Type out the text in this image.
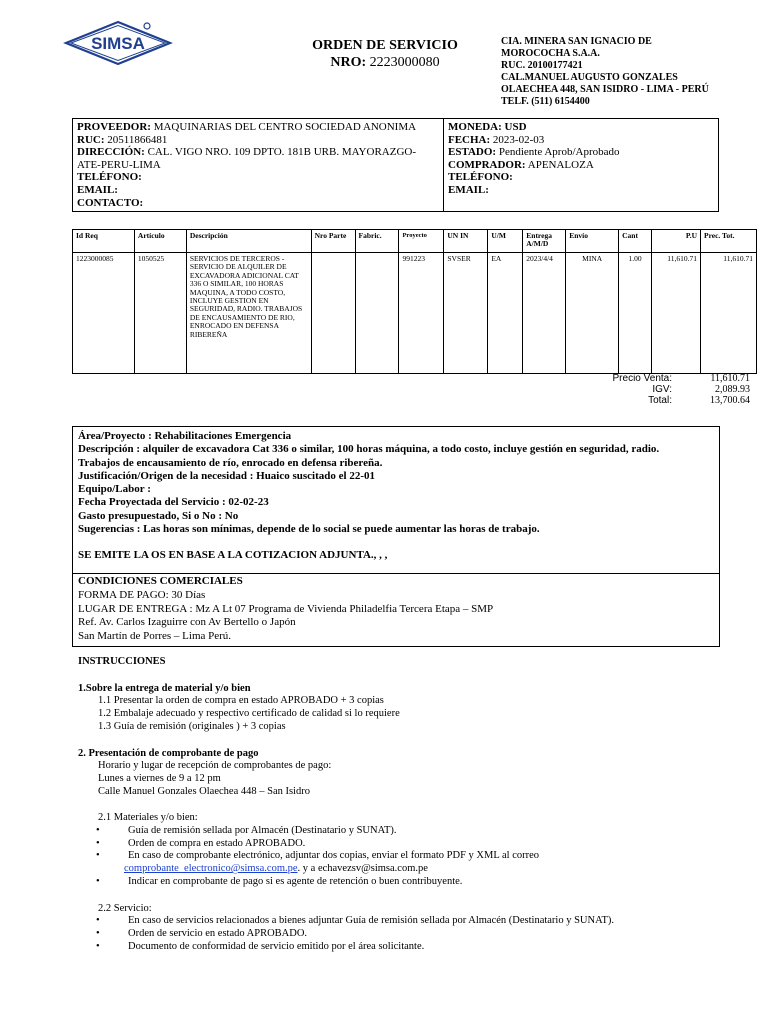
SIMSA	ORDEN DE SERVICIO
NRO: 2223000080
CIA. MINERA SAN IGNACIO DE
MOROCOCHA S.A.A.
RUC. 20100177421
CAL.MANUEL AUGUSTO GONZALES
OLAECHEA 448, SAN ISIDRO - LIMA - PERÚ
TELF. (511) 6154400
PROVEEDOR: MAQUINARIAS DEL CENTRO SOCIEDAD ANONIMA
RUC: 20511866481
DIRECCIÓN: CAL. VIGO NRO. 109 DPTO. 181B URB. MAYORAZGO-ATE-PERU-LIMA
TELÉFONO:
EMAIL:
CONTACTO:
MONEDA: USD
FECHA: 2023-02-03
ESTADO: Pendiente Aprob/Aprobado
COMPRADOR: APENALOZA
TELÉFONO:
EMAIL:
Id Req	Artículo	Descripción	Nro Parte	Fabric.	Proyecto	UN IN	U/M	Entrega A/M/D	Envío	Cant	P.U	Prec. Tot.
1223000085	1050525	SERVICIOS DE TERCEROS - SERVICIO DE ALQUILER DE EXCAVADORA ADICIONAL CAT 336 O SIMILAR, 100 HORAS MAQUINA, A TODO COSTO, INCLUYE GESTION EN SEGURIDAD, RADIO. TRABAJOS DE ENCAUSAMIENTO DE RIO, ENROCADO EN DEFENSA RIBEREÑA			991223	SVSER	EA	2023/4/4	MINA	1.00	11,610.71	11,610.71
Precio Venta:	11,610.71
IGV:	2,089.93
Total:	13,700.64
Área/Proyecto : Rehabilitaciones Emergencia
Descripción : alquiler de excavadora Cat 336 o similar, 100 horas máquina, a todo costo, incluye gestión en seguridad, radio.
Trabajos de encausamiento de río, enrocado en defensa ribereña.
Justificación/Origen de la necesidad : Huaico suscitado el 22-01
Equipo/Labor :
Fecha Proyectada del Servicio : 02-02-23
Gasto presupuestado, Si o No : No
Sugerencias : Las horas son mínimas, depende de lo social se puede aumentar las horas de trabajo.
SE EMITE LA OS EN BASE A LA COTIZACION ADJUNTA., , ,
CONDICIONES COMERCIALES
FORMA DE PAGO: 30 Días
LUGAR DE ENTREGA : Mz A Lt 07 Programa de Vivienda Philadelfia Tercera Etapa – SMP
Ref. Av. Carlos Izaguirre con Av Bertello o Japón
San Martín de Porres – Lima Perú.
INSTRUCCIONES
1.Sobre la entrega de material y/o bien
1.1 Presentar la orden de compra en estado APROBADO + 3 copias
1.2 Embalaje adecuado y respectivo certificado de calidad si lo requiere
1.3 Guía de remisión (originales ) + 3 copias
2. Presentación de comprobante de pago
Horario y lugar de recepción de comprobantes de pago:
Lunes a viernes de 9 a 12 pm
Calle Manuel Gonzales Olaechea 448 – San Isidro
2.1 Materiales y/o bien:
•	Guía de remisión sellada por Almacén (Destinatario y SUNAT).
•	Orden de compra en estado APROBADO.
•	En caso de comprobante electrónico, adjuntar dos copias, enviar el formato PDF y XML al correo
comprobante_electronico@simsa.com.pe. y a echavezsv@simsa.com.pe
•	Indicar en comprobante de pago si es agente de retención o buen contribuyente.
2.2 Servicio:
•	En caso de servicios relacionados a bienes adjuntar Guía de remisión sellada por Almacén (Destinatario y SUNAT).
•	Orden de servicio en estado APROBADO.
•	Documento de conformidad de servicio emitido por el área solicitante.
